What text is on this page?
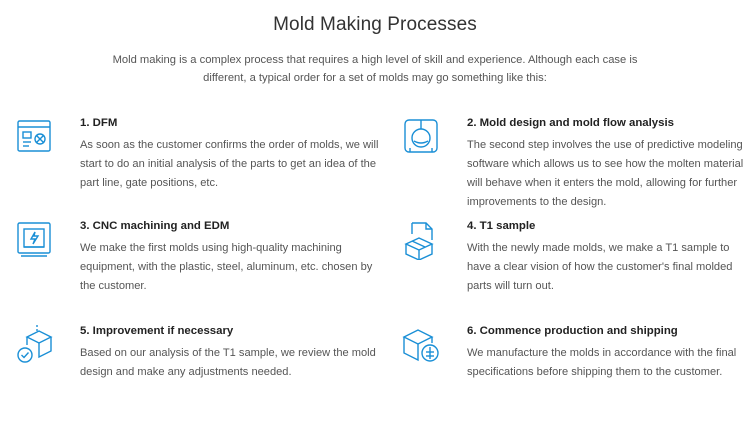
Mold Making Processes
Mold making is a complex process that requires a high level of skill and experience. Although each case is different, a typical order for a set of molds may go something like this:
1. DFM
As soon as the customer confirms the order of molds, we will start to do an initial analysis of the parts to get an idea of the part line, gate positions, etc.
2. Mold design and mold flow analysis
The second step involves the use of predictive modeling software which allows us to see how the molten material will behave when it enters the mold, allowing for further improvements to the design.
3. CNC machining and EDM
We make the first molds using high-quality machining equipment, with the plastic, steel, aluminum, etc. chosen by the customer.
4. T1 sample
With the newly made molds, we make a T1 sample to have a clear vision of how the customer's final molded parts will turn out.
5. Improvement if necessary
Based on our analysis of the T1 sample, we review the mold design and make any adjustments needed.
6. Commence production and shipping
We manufacture the molds in accordance with the final specifications before shipping them to the customer.
